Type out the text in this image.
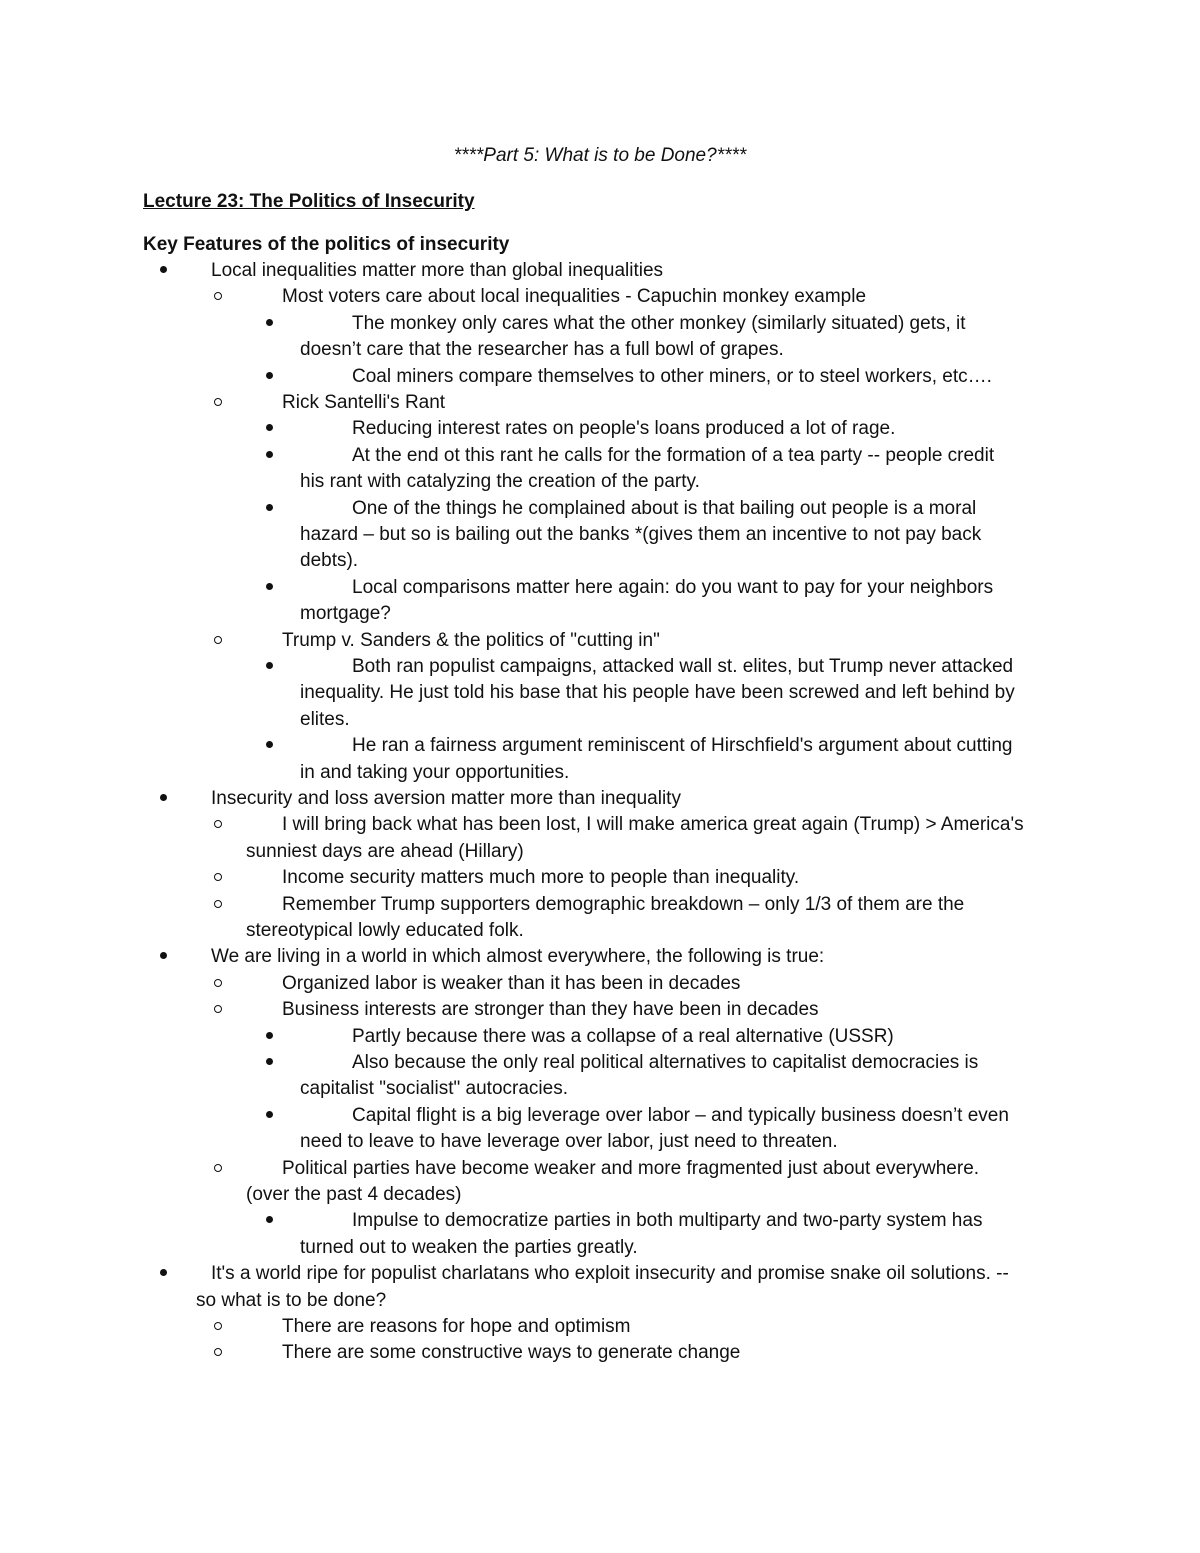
****Part 5: What is to be Done?****
Lecture 23: The Politics of Insecurity
Key Features of the politics of insecurity
Local inequalities matter more than global inequalities
Most voters care about local inequalities - Capuchin monkey example
The monkey only cares what the other monkey (similarly situated) gets, it
doesn’t care that the researcher has a full bowl of grapes.
Coal miners compare themselves to other miners, or to steel workers, etc….
Rick Santelli's Rant
Reducing interest rates on people's loans produced a lot of rage.
At the end ot this rant he calls for the formation of a tea party -- people credit
his rant with catalyzing the creation of the party.
One of the things he complained about is that bailing out people is a moral
hazard – but so is bailing out the banks *(gives them an incentive to not pay back
debts).
Local comparisons matter here again: do you want to pay for your neighbors
mortgage?
Trump v. Sanders & the politics of "cutting in"
Both ran populist campaigns, attacked wall st. elites, but Trump never attacked
inequality. He just told his base that his people have been screwed and left behind by
elites.
He ran a fairness argument reminiscent of Hirschfield's argument about cutting
in and taking your opportunities.
Insecurity and loss aversion matter more than inequality
I will bring back what has been lost, I will make america great again (Trump) > America's
sunniest days are ahead (Hillary)
Income security matters much more to people than inequality.
Remember Trump supporters demographic breakdown – only 1/3 of them are the
stereotypical lowly educated folk.
We are living in a world in which almost everywhere, the following is true:
Organized labor is weaker than it has been in decades
Business interests are stronger than they have been in decades
Partly because there was a collapse of a real alternative (USSR)
Also because the only real political alternatives to capitalist democracies is
capitalist "socialist" autocracies.
Capital flight is a big leverage over labor – and typically business doesn’t even
need to leave to have leverage over labor, just need to threaten.
Political parties have become weaker and more fragmented just about everywhere.
(over the past 4 decades)
Impulse to democratize parties in both multiparty and two-party system has
turned out to weaken the parties greatly.
It's a world ripe for populist charlatans who exploit insecurity and promise snake oil solutions. --
so what is to be done?
There are reasons for hope and optimism
There are some constructive ways to generate change
